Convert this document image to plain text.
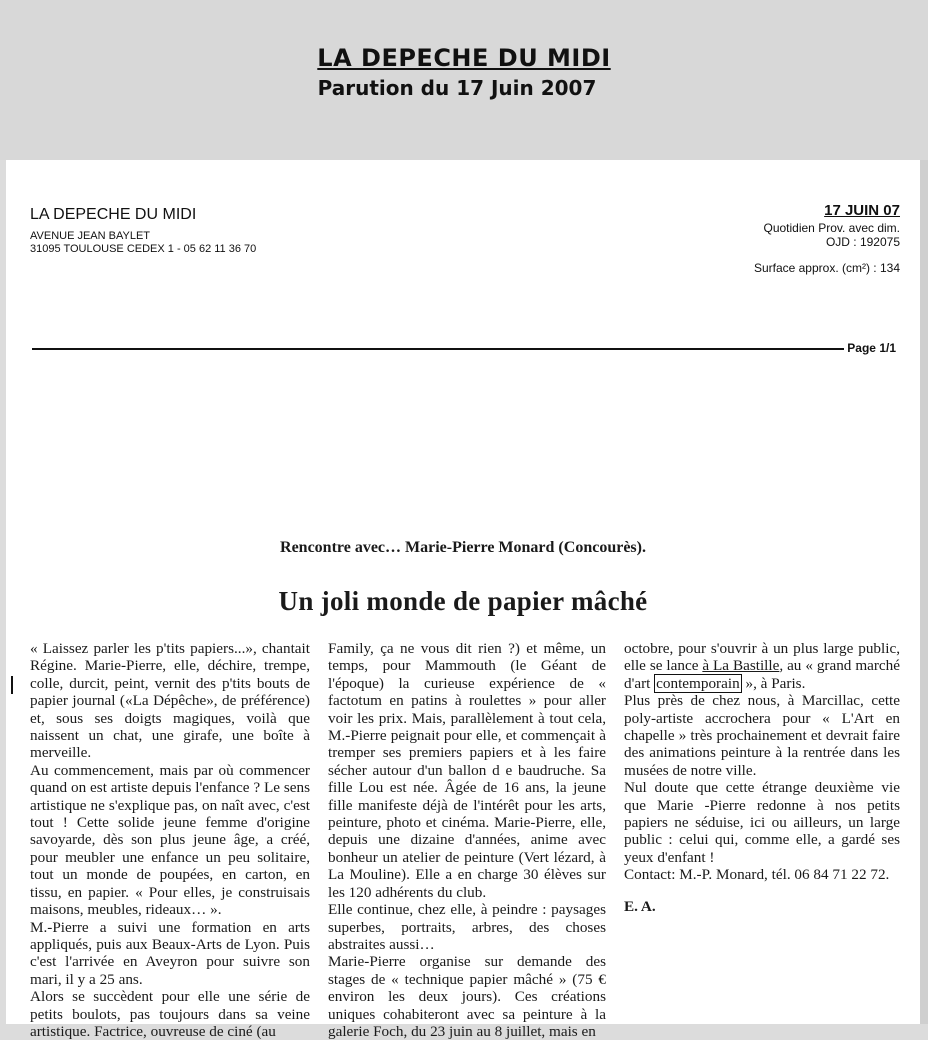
LA DEPECHE DU MIDI
Parution du 17 Juin 2007
LA DEPECHE DU MIDI
AVENUE JEAN BAYLET
31095 TOULOUSE CEDEX 1 - 05 62 11 36 70
17 JUIN 07
Quotidien Prov. avec dim.
OJD : 192075
Surface approx. (cm²) : 134
Page 1/1
Rencontre avec… Marie-Pierre Monard (Concourès).
Un joli monde de papier mâché

« Laissez parler les p'tits papiers...», chantait Régine. Marie-Pierre, elle, déchire, trempe, colle, durcit, peint, vernit des p'tits bouts de papier journal («La Dépêche», de préférence) et, sous ses doigts magiques, voilà que naissent un chat, une girafe, une boîte à merveille.

Au commencement, mais par où commencer quand on est artiste depuis l'enfance ? Le sens artistique ne s'explique pas, on naît avec, c'est tout ! Cette solide jeune femme d'origine savoyarde, dès son plus jeune âge, a créé, pour meubler une enfance un peu solitaire, tout un monde de poupées, en carton, en tissu, en papier. « Pour elles, je construisais maisons, meubles, rideaux… ».

M.-Pierre a suivi une formation en arts appliqués, puis aux Beaux-Arts de Lyon. Puis c'est l'arrivée en Aveyron pour suivre son mari, il y a 25 ans.

Alors se succèdent pour elle une série de petits boulots, pas toujours dans sa veine artistique. Factrice, ouvreuse de ciné (au

Family, ça ne vous dit rien ?) et même, un temps, pour Mammouth (le Géant de l'époque) la curieuse expérience de « factotum en patins à roulettes » pour aller voir les prix. Mais, parallèlement à tout cela, M.-Pierre peignait pour elle, et commençait à tremper ses premiers papiers et à les faire sécher autour d'un ballon d e baudruche. Sa fille Lou est née. Âgée de 16 ans, la jeune fille manifeste déjà de l'intérêt pour les arts, peinture, photo et cinéma. Marie-Pierre, elle, depuis une dizaine d'années, anime avec bonheur un atelier de peinture (Vert lézard, à La Mouline). Elle a en charge 30 élèves sur les 120 adhérents du club.

Elle continue, chez elle, à peindre : paysages superbes, portraits, arbres, des choses abstraites aussi…

Marie-Pierre organise sur demande des stages de « technique papier mâché » (75 € environ les deux jours). Ces créations uniques cohabiteront avec sa peinture à la galerie Foch, du 23 juin au 8 juillet, mais en

octobre, pour s'ouvrir à un plus large public, elle se lance à La Bastille, au « grand marché d'art contemporain », à Paris.

Plus près de chez nous, à Marcillac, cette poly-artiste accrochera pour « L'Art en chapelle » très prochainement et devrait faire des animations peinture à la rentrée dans les musées de notre ville.

Nul doute que cette étrange deuxième vie que Marie -Pierre redonne à nos petits papiers ne séduise, ici ou ailleurs, un large public : celui qui, comme elle, a gardé ses yeux d'enfant !

Contact: M.-P. Monard, tél. 06 84 71 22 72.

E. A.
